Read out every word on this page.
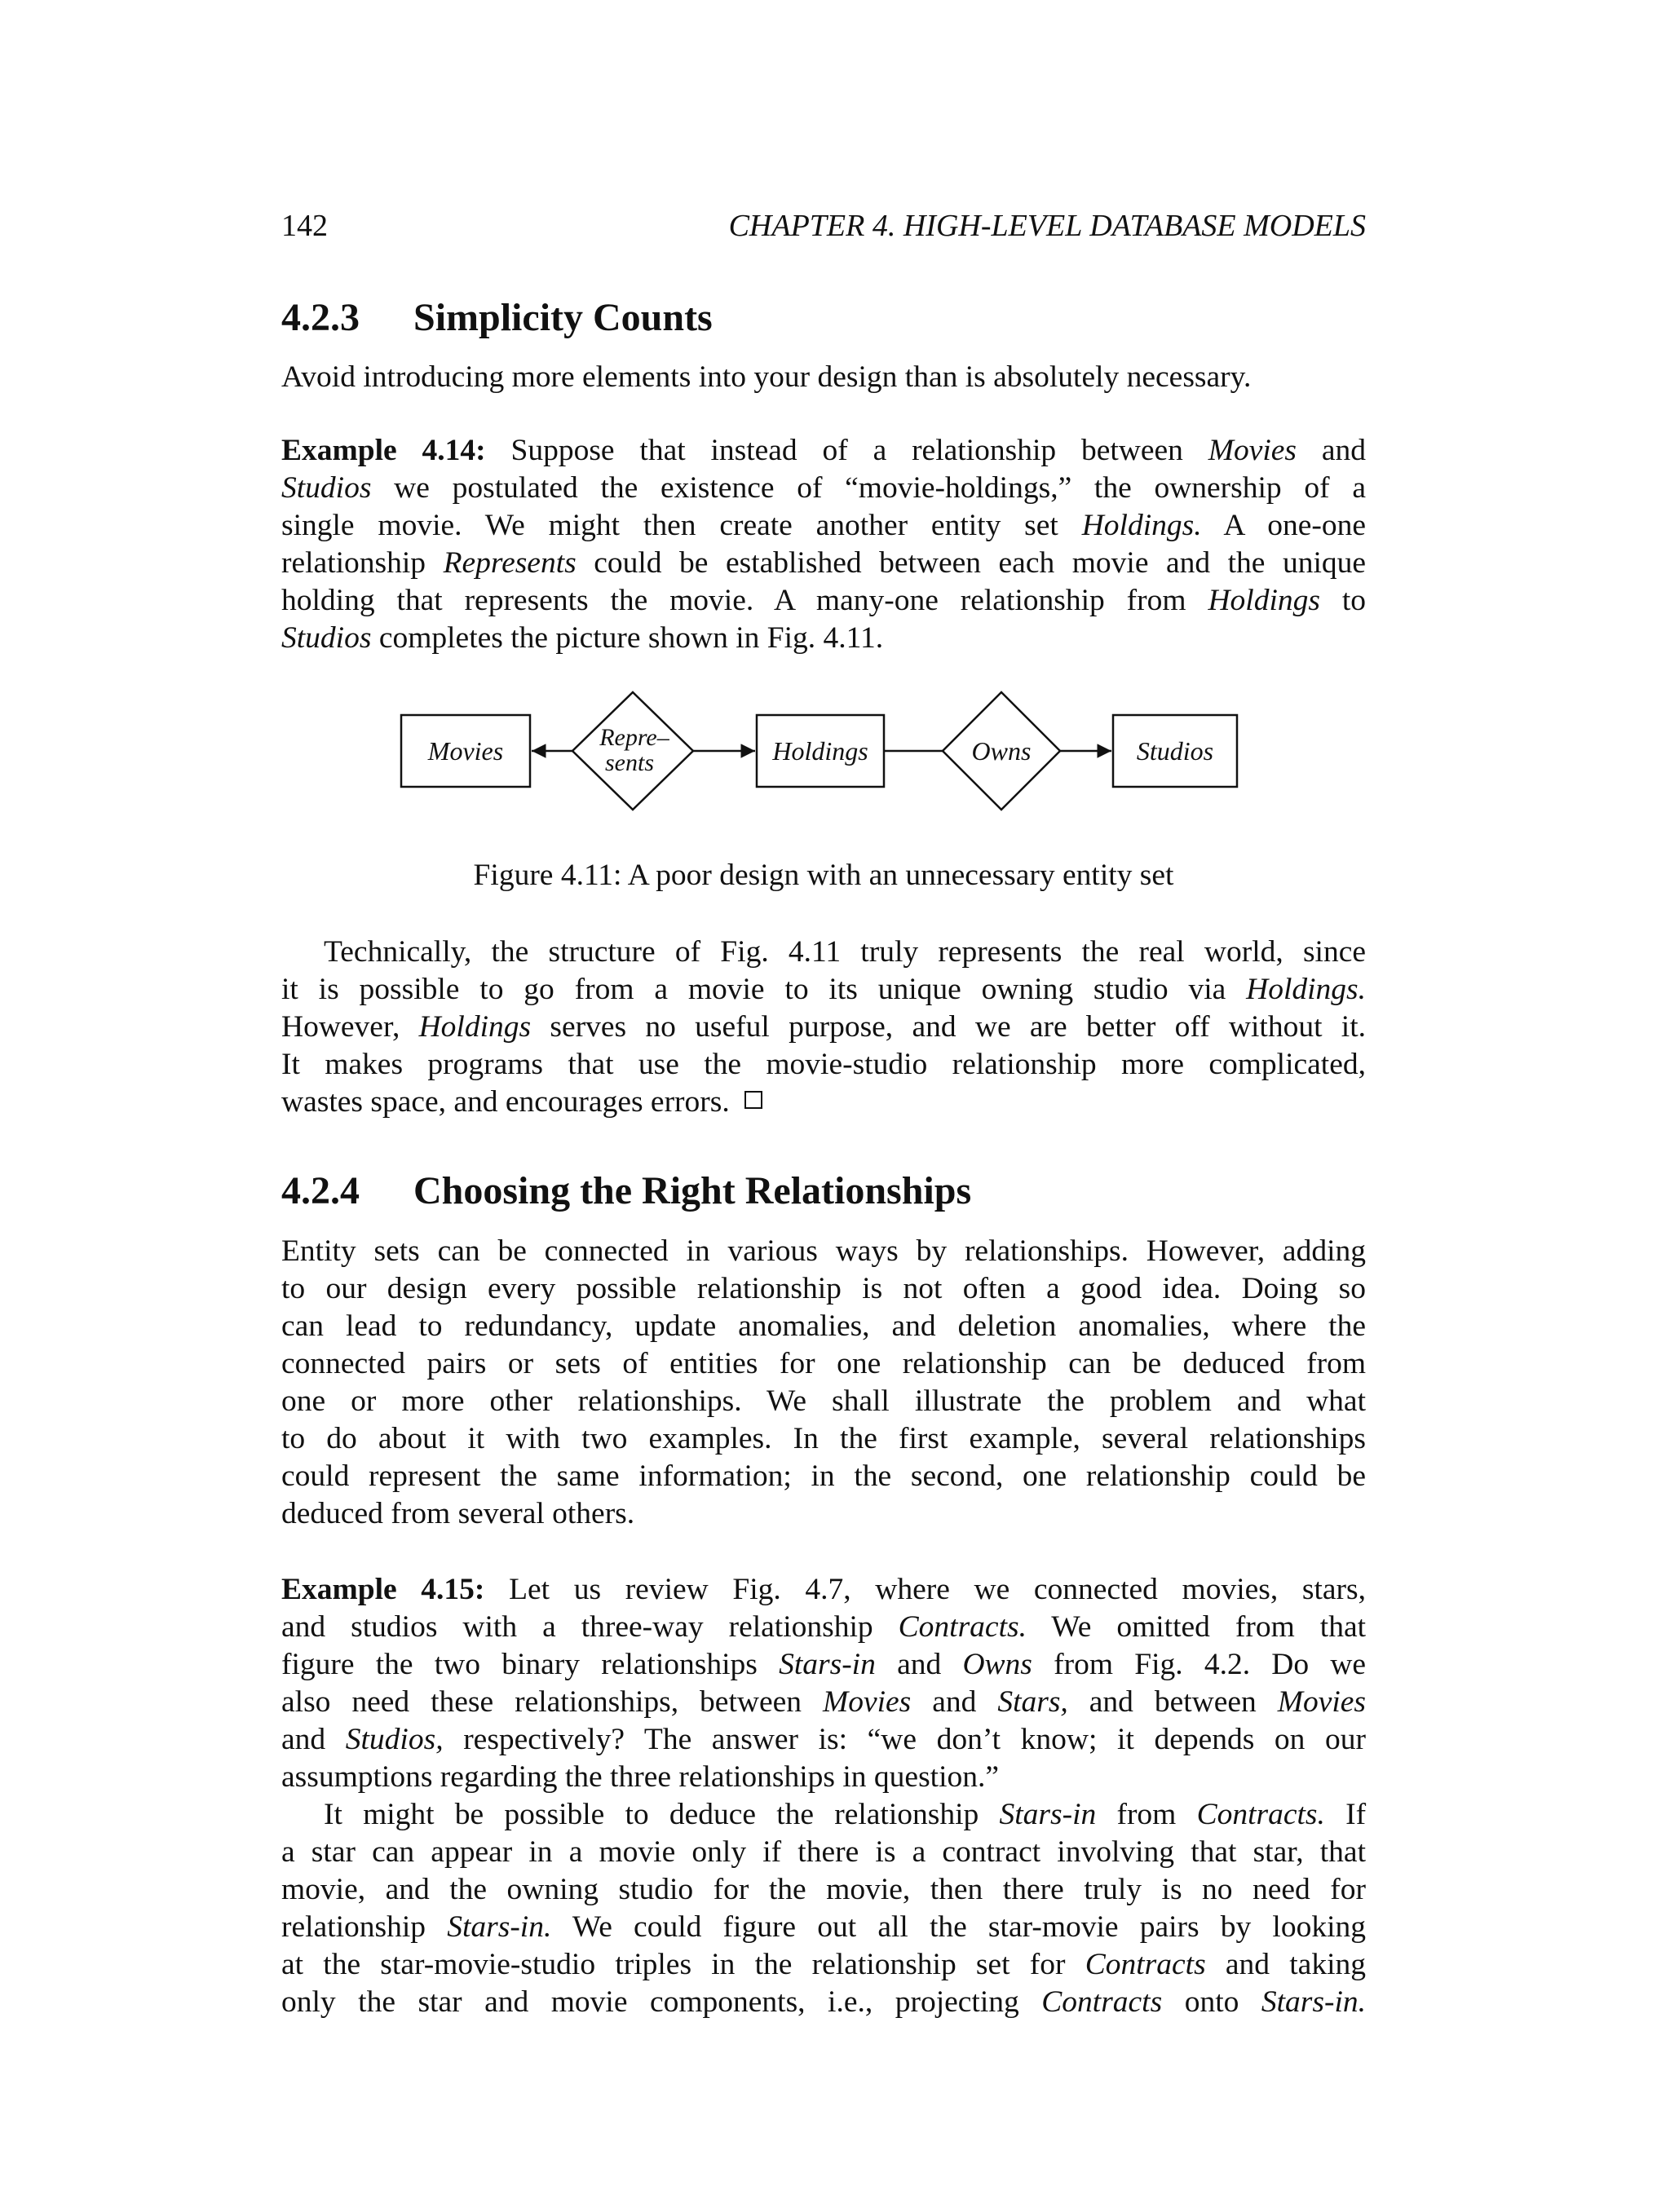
142	CHAPTER 4. HIGH-LEVEL DATABASE MODELS
4.2.3 Simplicity Counts
Avoid introducing more elements into your design than is absolutely necessary.
Example 4.14: Suppose that instead of a relationship between Movies and
Studios we postulated the existence of “movie-holdings,” the ownership of a
single movie. We might then create another entity set Holdings. A one-one
relationship Represents could be established between each movie and the unique
holding that represents the movie. A many-one relationship from Holdings to
Studios completes the picture shown in Fig. 4.11.
Movies	Repre–
sents	Holdings	Owns	Studios
Figure 4.11: A poor design with an unnecessary entity set
Technically, the structure of Fig. 4.11 truly represents the real world, since
it is possible to go from a movie to its unique owning studio via Holdings.
However, Holdings serves no useful purpose, and we are better off without it.
It makes programs that use the movie-studio relationship more complicated,
wastes space, and encourages errors.
4.2.4 Choosing the Right Relationships
Entity sets can be connected in various ways by relationships. However, adding
to our design every possible relationship is not often a good idea. Doing so
can lead to redundancy, update anomalies, and deletion anomalies, where the
connected pairs or sets of entities for one relationship can be deduced from
one or more other relationships. We shall illustrate the problem and what
to do about it with two examples. In the first example, several relationships
could represent the same information; in the second, one relationship could be
deduced from several others.
Example 4.15: Let us review Fig. 4.7, where we connected movies, stars,
and studios with a three-way relationship Contracts. We omitted from that
figure the two binary relationships Stars-in and Owns from Fig. 4.2. Do we
also need these relationships, between Movies and Stars, and between Movies
and Studios, respectively? The answer is: “we don’t know; it depends on our
assumptions regarding the three relationships in question.”
It might be possible to deduce the relationship Stars-in from Contracts. If
a star can appear in a movie only if there is a contract involving that star, that
movie, and the owning studio for the movie, then there truly is no need for
relationship Stars-in. We could figure out all the star-movie pairs by looking
at the star-movie-studio triples in the relationship set for Contracts and taking
only the star and movie components, i.e., projecting Contracts onto Stars-in.
